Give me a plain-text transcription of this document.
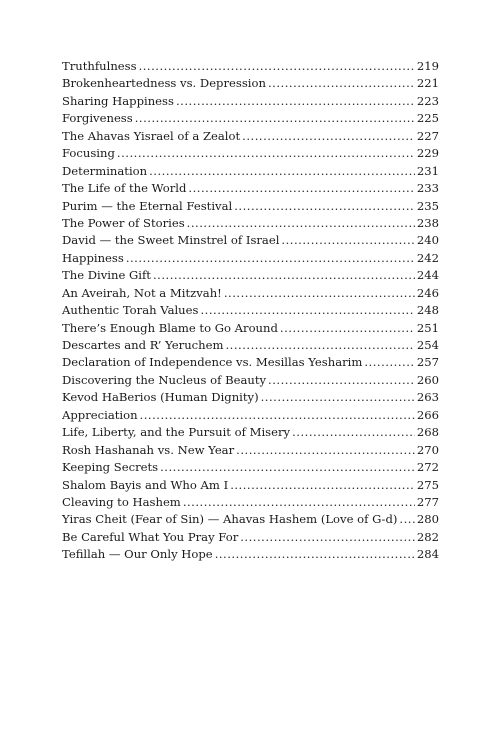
Truthfulness .....	219
Brokenheartedness vs. Depression .....	221
Sharing Happiness .....	223
Forgiveness .....	225
The Ahavas Yisrael of a Zealot .....	227
Focusing .....	229
Determination .....	231
The Life of the World .....	233
Purim — the Eternal Festival .....	235
The Power of Stories .....	238
David — the Sweet Minstrel of Israel .....	240
Happiness .....	242
The Divine Gift .....	244
An Aveirah, Not a Mitzvah! .....	246
Authentic Torah Values .....	248
There’s Enough Blame to Go Around .....	251
Descartes and R’ Yeruchem .....	254
Declaration of Independence vs. Mesillas Yesharim .....	257
Discovering the Nucleus of Beauty .....	260
Kevod HaBerios (Human Dignity) .....	263
Appreciation .....	266
Life, Liberty, and the Pursuit of Misery .....	268
Rosh Hashanah vs. New Year .....	270
Keeping Secrets .....	272
Shalom Bayis and Who Am I .....	275
Cleaving to Hashem .....	277
Yiras Cheit (Fear of Sin) — Ahavas Hashem (Love of G-d) ..... 280
Be Careful What You Pray For .....	282
Tefillah — Our Only Hope .....	284
